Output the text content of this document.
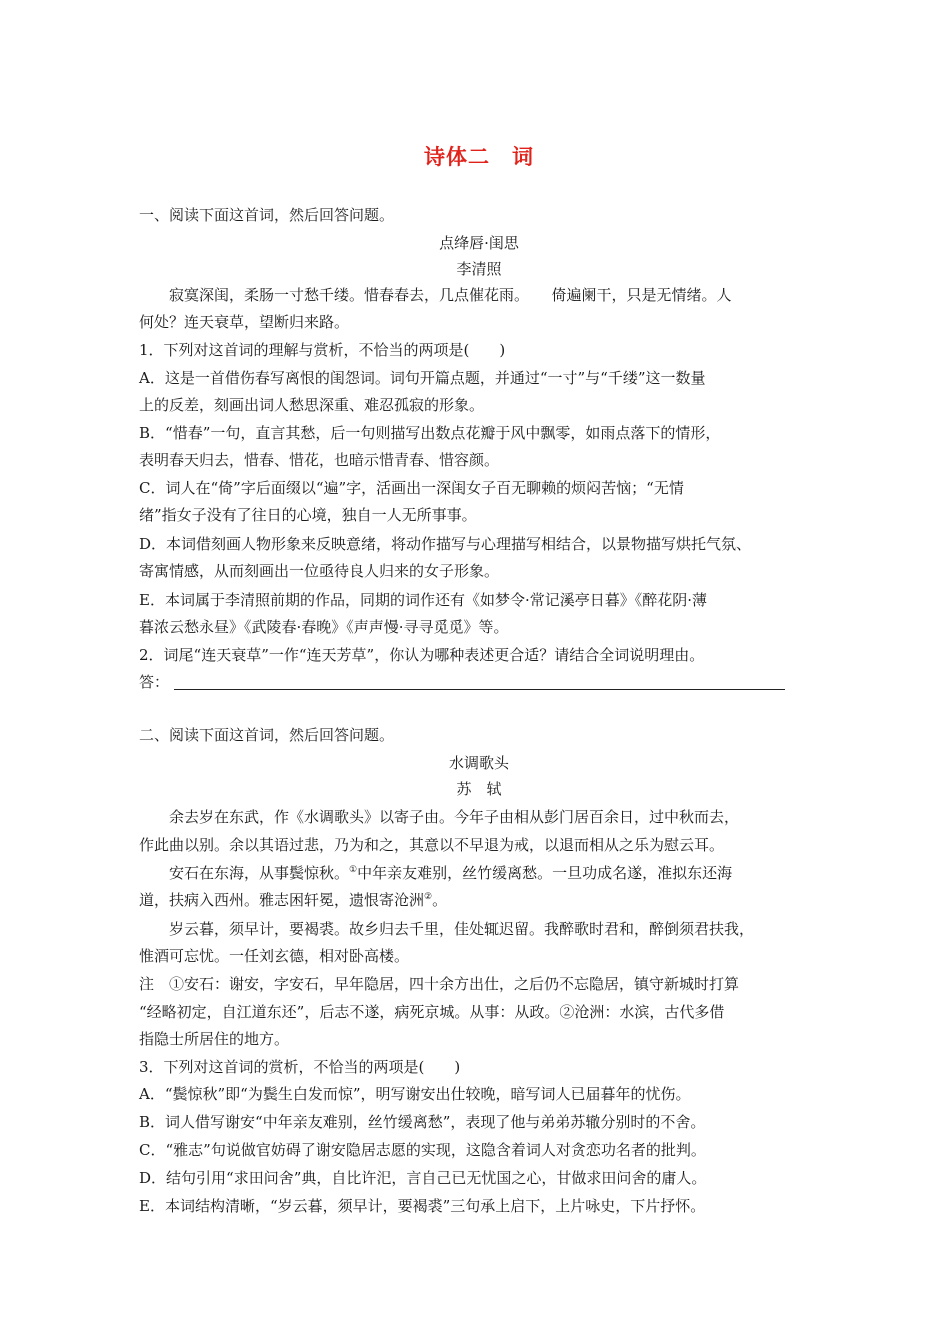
诗体二　词
一、阅读下面这首词，然后回答问题。
点绛唇·闺思
李清照
寂寞深闺，柔肠一寸愁千缕。惜春春去，几点催花雨。　　倚遍阑干，只是无情绪。人
何处？连天衰草，望断归来路。
1．下列对这首词的理解与赏析，不恰当的两项是(　　)
A．这是一首借伤春写离恨的闺怨词。词句开篇点题，并通过“一寸”与“千缕”这一数量
上的反差，刻画出词人愁思深重、难忍孤寂的形象。
B．“惜春”一句，直言其愁，后一句则描写出数点花瓣于风中飘零，如雨点落下的情形，
表明春天归去，惜春、惜花，也暗示惜青春、惜容颜。
C．词人在“倚”字后面缀以“遍”字，活画出一深闺女子百无聊赖的烦闷苦恼；“无情
绪”指女子没有了往日的心境，独自一人无所事事。
D．本词借刻画人物形象来反映意绪，将动作描写与心理描写相结合，以景物描写烘托气氛、
寄寓情感，从而刻画出一位亟待良人归来的女子形象。
E．本词属于李清照前期的作品，同期的词作还有《如梦令·常记溪亭日暮》《醉花阴·薄
暮浓云愁永昼》《武陵春·春晚》《声声慢·寻寻觅觅》等。
2．词尾“连天衰草”一作“连天芳草”，你认为哪种表述更合适？请结合全词说明理由。
答：
二、阅读下面这首词，然后回答问题。
水调歌头
苏　轼
余去岁在东武，作《水调歌头》以寄子由。今年子由相从彭门居百余日，过中秋而去，
作此曲以别。余以其语过悲，乃为和之，其意以不早退为戒，以退而相从之乐为慰云耳。
安石在东海，从事鬓惊秋。①中年亲友难别，丝竹缓离愁。一旦功成名遂，准拟东还海
道，扶病入西州。雅志困轩冕，遗恨寄沧洲②。
岁云暮，须早计，要褐裘。故乡归去千里，佳处辄迟留。我醉歌时君和，醉倒须君扶我，
惟酒可忘忧。一任刘玄德，相对卧高楼。
注　①安石：谢安，字安石，早年隐居，四十余方出仕，之后仍不忘隐居，镇守新城时打算
“经略初定，自江道东还”，后志不遂，病死京城。从事：从政。②沧洲：水滨，古代多借
指隐士所居住的地方。
3．下列对这首词的赏析，不恰当的两项是(　　)
A．“鬓惊秋”即“为鬓生白发而惊”，明写谢安出仕较晚，暗写词人已届暮年的忧伤。
B．词人借写谢安“中年亲友难别，丝竹缓离愁”，表现了他与弟弟苏辙分别时的不舍。
C．“雅志”句说做官妨碍了谢安隐居志愿的实现，这隐含着词人对贪恋功名者的批判。
D．结句引用“求田问舍”典，自比许汜，言自己已无忧国之心，甘做求田问舍的庸人。
E．本词结构清晰，“岁云暮，须早计，要褐裘”三句承上启下，上片咏史，下片抒怀。
